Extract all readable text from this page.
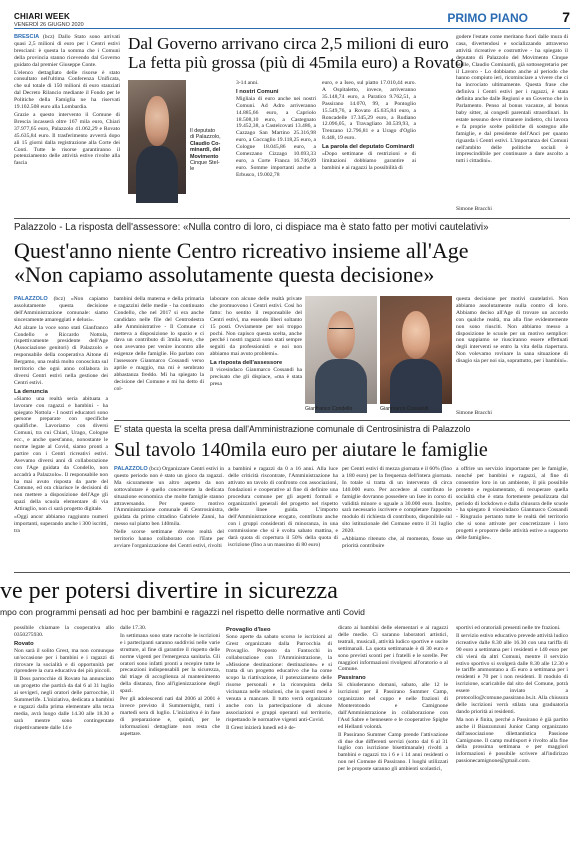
CHIARI WEEK
VENERDÌ 26 GIUGNO 2020	PRIMO PIANO 7

BRESCIA (bcz) Dallo Stato sono arrivati quasi 2,5 milioni di euro per i Centri estivi bresciani: è questa la somma che i Comuni della provincia stanno ricevendo dal Governo guidato dal premier Giuseppe Conte.

L'elenco dettagliato delle risorse è stato consultato nell'ultima Conferenza Unificata, che sul totale di 150 milioni di euro stanziati dal Decreto Rilancio mediante il Fondo per le Politiche della Famiglia ne ha riservati 19.102.508 euro alla Lombardia.

Grazie a questo intervento il Comune di Brescia incasserà oltre 167 mila euro, Chiari 37.977,65 euro, Palazzolo 41.062,29 e Rovato 45.635,84 euro. Il trasferimento avverrà dopo ali 15 giorni dalla registrazione alla Corte dei Conti. Tutte le risorse garantiranno il potenziamento delle attività estive rivolte alla fascia

Dal Governo arrivano circa 2,5 milioni di euro
La fetta più grossa (più di 45mila euro) a Rovato
Il deputato
di Palazzolo,
Claudio Co-
minardi, del
Movimento
Cinque Stel-
le

3-14 anni.

I nostri Comuni

Migliaia di euro anche nei nostri Comuni. Ad Adro arriveranno 14.885,66 euro, a Capriolo 18.508,10 euro, a Castegnato 19.452,38, a Castelcovati 13.486, a Cazzago San Martino 25.316,98 euro, a Coccaglio 19.118,25 euro, a Cologne 18.045,86 euro, a Comezzano Cizzago 10.693,33 euro, a Corte Franca 16.746,09 euro. Somme importanti anche a Erbusco, 19.002,78

euro, e a Iseo, sul piatto 17.010,44 euro. A Ospitaletto, invece, arriveranno 35.148,74 euro, a Paratico 9.762,51, a Passirano 14.070, 99, a Pontoglio 15.549,76, a Rovato 45.635,84 euro, a Roncadelle 17.345,29 euro, a Rudiano 12.096,05, a Travagliato 30.539,93, a Trenzano 12.796,81 e a Urago d'Oglio 8.448, 19 euro.

La parola del deputato Cominardi

«Dopo settimane di restrizioni e di limitazioni dobbiamo garantire ai bambini e ai ragazzi la possibilità di

godere l'estate come meritano fuori dalle mura di casa, divertendosi e socializzando attraverso attività ricreative e costruttive - ha spiegato il deputato di Palazzolo del Movimento Cinque Stelle, Claudio Cominardi, già sottosegretario per il Lavoro - Lo dobbiamo anche al periodo che hanno compiuto ieri, ricominciare a vivere che ci ha incrociato ultimamente. Questa frase che definiva i Centri estivi per i ragazzi, è stata definita anche dalle Regioni e un Governo che in Parlamento. Penso al bonus vacanze, al bonus baby sitter, ai congedi parentali straordinari. In estate nessuno deve rimanere indietro, chi lavora e fa proprie scelte politiche di sostegno alle famiglie, e dal presidente dell'Anci per quanto riguarda i Centri estivi. L'importanza dei Comuni nell'ambito delle politiche sociali è imprescindibile per continuare a dare ascolto a tutti i cittadini».

Simone Bracchi
Palazzolo - La risposta dell'assessore: «Nulla contro di loro, ci dispiace ma è stato fatto per motivi cautelativi»
Quest'anno niente Centro ricreativo insieme all'Age
«Non capiamo assolutamente questa decisione»

PALAZZOLO (bcz) «Non capiamo assolutamente questa decisione dell'Amministrazione comunale: siamo sinceramente amareggiati e delusi».

Ad alzare la voce sono stati Gianfranco Condello e Riccardo Nottola, rispettivamente presidente dell'Age (Associazione genitori) di Palazzolo e responsabile della cooperativa Aitone di Bergamo, una realtà molto conosciuta sul territorio che ogni anno collabora in diversi Centri estivi nella gestione dei Centri estivi.

La denuncia

«Siamo una realtà seria abituata a lavorare con ragazzi e bambini - ha spiegato Nottola - I nostri educatori sono persone preparate con specifiche qualifiche. Lavoriamo con diversi Comuni, tra cui Chiari, Urago, Cologne ecc., e anche quest'anno, nonostante le norme legate al Covid, siamo pronti a partire con i Centri ricreativi estivi. Avevamo diversi anni di collaborazione con l'Age guidata da Condello, non accadrà a Palazzolo». Il responsabile non ha mai avuto risposta da parte del Comune, ed ora chiarisce le decisioni di non mettere a disposizione dell'Age gli spazi della scuola elementare di via Attiraglio, non ci sarà progetto digitale.

«Oggi ancor abbiamo raggiunto numeri importanti, superando anche i 300 iscritti, tra

bambini della materna e della primaria e ragazzini delle medie - ha continuato Condello, che nel 2017 si era anche candidato nelle file del Centrodestra alle Amministrative - Il Comune ci metteva a disposizione lo spazio e ci dava un contributo di 3mila euro, che non avevamo per venire incontro alle esigenze delle famiglie. Ho parlato con l'assessore Gianmarco Cossandi verso aprile e maggio, ma mi è sembrato abbastanza freddo. Mi ha spiegato la decisione del Comune e mi ha detto di col-

laborare con alcune delle realtà private che promuovono i Centri estivi. Così ho fatto: ho sentito il responsabile del Centri estivi, ma essendo liberi soltanto 15 posti. Ovviamente per noi troppo pochi. Non capisco questa scelta, anche perché i nostri ragazzi sono stati sempre seguiti da professionisti e noi non abbiamo mai avuto problemi».

La risposta dell'assessore

Il vicesindaco Gianmarco Cossandi ha precisato che gli dispiace, «ma è stata presa

Gianfranco Condello	Gianmarco Cossandi

questa decisione per motivi cautelativi. Non abbiamo assolutamente nulla contro di loro. Abbiamo deciso all'Age di trovare un accordo con qualche realtà, ma alla fine evidentemente non sono riusciti. Non abbiamo messo a disposizione le scuole per un motivo semplice: non sappiamo se riusciranno essere effettuati degli interventi se entro la vita della riapertura. Non volevamo rovinare la sana situazione di disagio sia per noi sia, soprattutto, per i bambini».

Simone Bracchi
E' stata questa la scelta presa dall'Amministrazione comunale di Centrosinistra di Palazzolo
Sul tavolo 140mila euro per aiutare le famiglie

PALAZZOLO (bcz) Organizzare Centri estivi in questo periodo non è stato un gioco da ragazzi. Ma sicuramente un altro aspetto da non sottovalutare è quello concernente la dedicata situazione economica che molte famiglie stanno attraversando. Per questo motivo l'Amministrazione comunale di Centrosinistra, guidata da primo cittadino Gabriele Zanni, ha messo sul piatto ben 140mila.

Nelle scorse settimane diverse realtà del territorio hanno collaborato con l'Ente per avviare l'organizzazione dei Centri estivi, rivolti

a bambini e ragazzi da 0 a 16 anni. Alla luce delle criticità riscontrate, l'Amministrazione ha attivato un tavolo di confronto con associazioni, fondazioni e cooperative al fine di definire una procedura comune per gli aspetti formali e organizzativi generali del progetto nel rispetto delle linee guida. L'importo dell'Amministrazione erogato, contributo anche con i gruppi considerati di minoranza, in una commissione che si è svolta sabato mattina, e darà quota di copertura il 50% della quota di iscrizione (fino a un massimo di 80 euro)

per Centri estivi di mezza giornata e il 60% (fino a 180 euro) per la frequenza dell'intera giornata. In totale si tratta di un intervento di circa 140.000 euro. Per accedere al contributo le famiglie dovranno possedere un Isee in corso di validità minore o uguale a 30.000 euro. Inoltre, sarà necessario iscrivere e completare l'apposito modulo di richiesta di contributo, disponibile sul sito istituzionale del Comune entro il 31 luglio 2020.

«Abbiamo ritenuto che, al momento, fosse un priorità contribuire

a offrire un servizio importante per le famiglie, nonché per bambini e ragazzi, al fine di consentire loro in un ambiente, il più possibile protetto e regolamentato, di recuperare quella socialità che è stata fortemente penalizzata dal periodo di lockdown e dalla chiusura delle scuole - ha spiegato il vicesindaco Gianmarco Cossandi - Ringrazio pertanto tutte le realtà del territorio che si sono attivate per concretizzare i loro progetti e proporre delle attività estive a supporto delle famiglie».

ve per potersi divertire in sicurezza
mpo con programmi pensati ad hoc per bambini e ragazzi nel rispetto delle normative anti Covid

possibile chiamare la cooperativa allo 0350275930.

Rovato

Non sarà il solito Grest, ma non comunque un'occasione per i bambini e i ragazzi di ritrovare la socialità e di opportunità per riprendere la cura educativa dei più piccoli.

Il Doss parrocchie di Rovato ha annunciato un progetto che partirà da dal 6 al 31 luglio ai sevigeri, negli oratori delle parrocchie, il Summerlife. L'iniziativa, dedicata a bambini e ragazzi dalla prima elementare alla terza media, avrà luogo dalle 14.30 alle 18.30 e sarà mentre sono contingentate rispettivamente dalle 14 e

dalle 17.30.

In settimana sono state raccolte le iscrizioni e i partecipanti saranno suddivisi nelle varie strutture, al fine di garantire il rispetto delle norme vigenti per l'emergenza sanitaria. Gli oratori sono infatti pronti a recepire tutte le precauzioni indispensabili per la sicurezza, dal triage di accoglienza al mantenimento della distanza, fino all'igienizzazione degli spazi.

Per gli adolescenti nati dal 2006 al 2001 è invece previsto il Summernight, tutti i martedì sera di luglio. L'iniziativa è in fase di preparazione e, quindi, per le informazioni dettagliate non resta che aspettare.

Provaglio d'Iseo

Sono aperte da sabato scorso le iscrizioni al Grest organizzato dalla Parrocchia di Provaglio. Proposto da Fantocchi in collaborazione con l'Amministrazione, la «Missione destinazione: destinazione» e si tratta di un progetto educativo che ha come scopo la riattivazione, il potenziamento delle risorse personali e la riconquista della vicinanza nelle relazioni, che in questi mesi è venuta a mancare. Il tutto verrà organizzato anche con la partecipazione di alcune associazioni e gruppi operanti sul territorio, rispettando le normative vigenti anti-Covid.

Il Grest inizierà lunedì ed è de-

dicato ai bambini delle elementari e ai ragazzi delle medie. Ci saranno laboratori artistici, teatrali, musicali, attività ludico sportive e uscite settimanali. La quota settimanale è di 30 euro e sono previsti sconti per i fratelli e le sorelle. Per maggiori informazioni rivolgersi all'oratorio o al Comune.

Passirano

Si chiuderanno domani, sabato, alle 12 le iscrizioni per il Passirano Summer Camp, organizzato nel cuppo e nelle frazioni di Monterotondo e Camignone dall'Amministrazione in collaborazione con l'Asd Sabre e bennesere e le cooperative Spighe ed Hellanti volontà.

Il Passirano Summer Camp prende l'attivazione di due due differenti servizi (sotto dal 6 al 31 luglio con iscrizione bisettimanale) rivolti a bambini e ragazzi tra i 6 e i 14 anni residenti o non nel Comune di Passirano. I luoghi utilizzati per le proposte saranno gli ambienti scolastici,

sportivi ed oratoriali presenti nelle tre frazioni.

Il servizio estivo educativo prevede attività ludico ricreative dalle 8.30 alle 16.30 con una tariffa di 90 euro a settimana per i residenti e 140 euro per chi vieni da altri Comuni, mentre il servizio estivo sportivo si svolgerà dalle 8.30 alle 12.30 e le tariffe ammontano a 45 euro a settimana per i residenti e 70 per i non residenti. Il modulo di iscrizione, scaricabile dal sito del Comune, potrà essere inviato a protocollo@comune.passirano.bs.it. Alla chiusura delle iscrizioni verrà stilata una graduatoria dando priorità ai residenti.

Ma non è finita, perché a Passirano è già partito anche il Bianzunzuni Junior Camp organizzato dall'associazione dilettantistica Passione Camignone. Il camp multisport è rivolto alla fine della prossima settimana e per maggiori informazioni è possibile scrivere all'indirizzo passionecamignone@gmail.com.
